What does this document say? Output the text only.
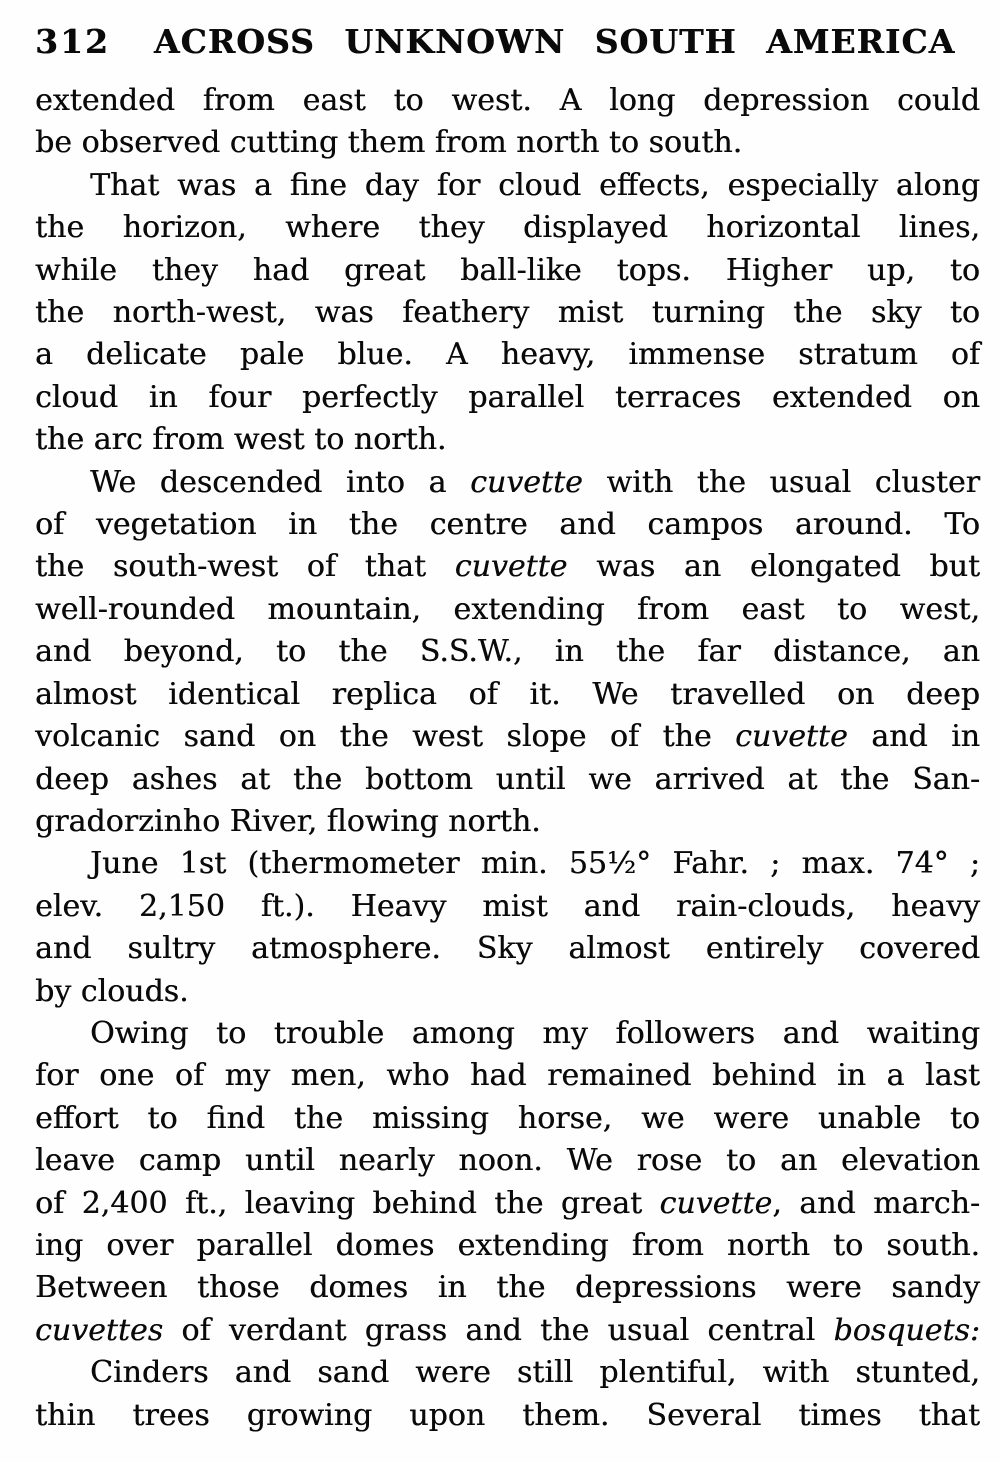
312 ACROSS UNKNOWN SOUTH AMERICA
extended from east to west. A long depression could
be observed cutting them from north to south.
That was a fine day for cloud effects, especially along
the horizon, where they displayed horizontal lines,
while they had great ball-like tops. Higher up, to
the north-west, was feathery mist turning the sky to
a delicate pale blue. A heavy, immense stratum of
cloud in four perfectly parallel terraces extended on
the arc from west to north.
We descended into a cuvette with the usual cluster
of vegetation in the centre and campos around. To
the south-west of that cuvette was an elongated but
well-rounded mountain, extending from east to west,
and beyond, to the S.S.W., in the far distance, an
almost identical replica of it. We travelled on deep
volcanic sand on the west slope of the cuvette and in
deep ashes at the bottom until we arrived at the San-
gradorzinho River, flowing north.
June 1st (thermometer min. 55½° Fahr. ; max. 74° ;
elev. 2,150 ft.). Heavy mist and rain-clouds, heavy
and sultry atmosphere. Sky almost entirely covered
by clouds.
Owing to trouble among my followers and waiting
for one of my men, who had remained behind in a last
effort to find the missing horse, we were unable to
leave camp until nearly noon. We rose to an elevation
of 2,400 ft., leaving behind the great cuvette, and march-
ing over parallel domes extending from north to south.
Between those domes in the depressions were sandy
cuvettes of verdant grass and the usual central bosquets:
Cinders and sand were still plentiful, with stunted,
thin trees growing upon them. Several times that
